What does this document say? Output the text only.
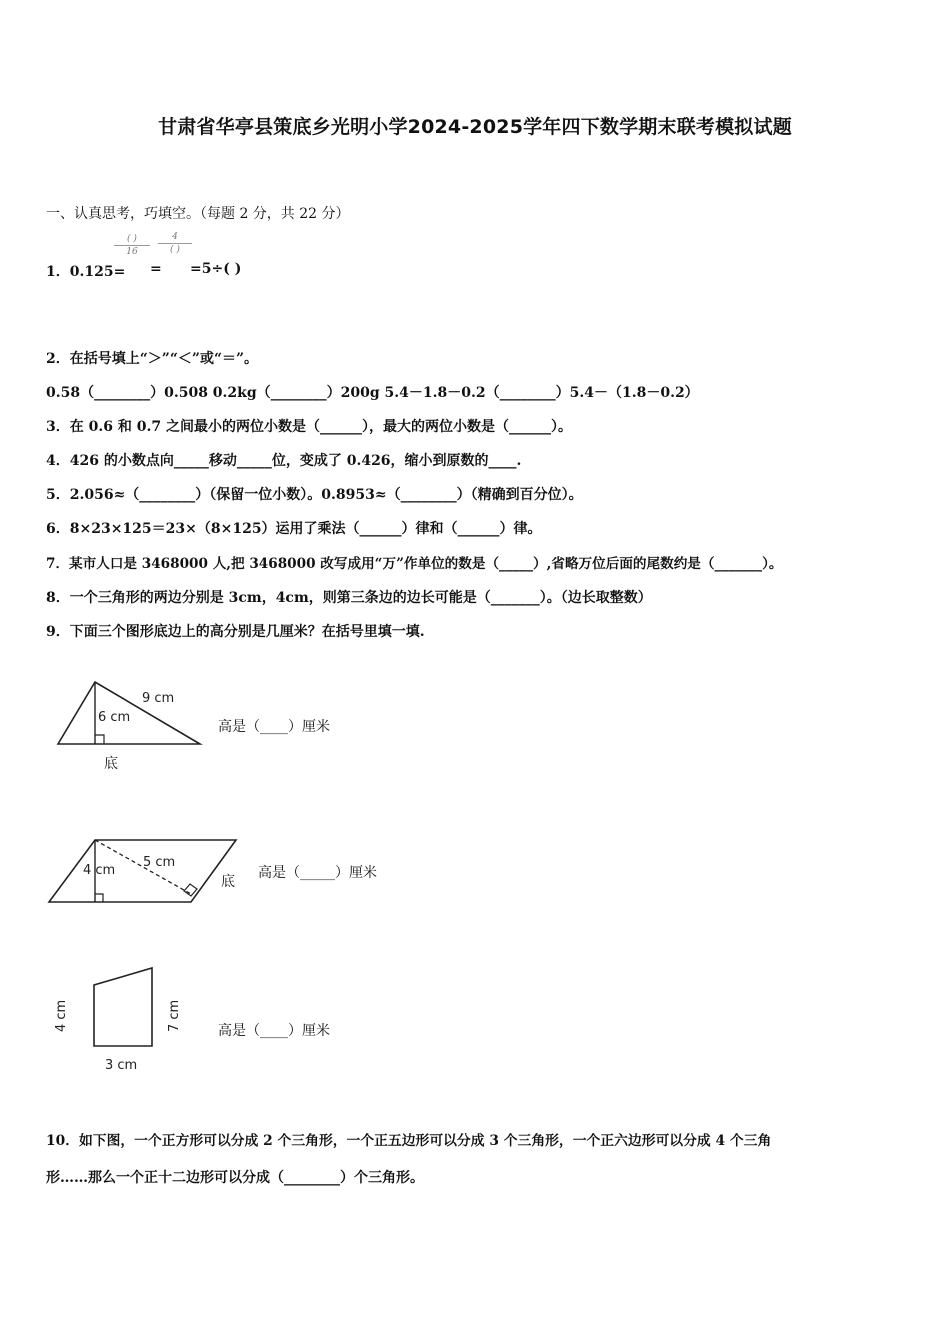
甘肃省华亭县策底乡光明小学2024-2025学年四下数学期末联考模拟试题
一、认真思考，巧填空。（每题 2 分，共 22 分）
1．0.125=
( )
16
=
4
( )
=5÷( )
2．在括号填上“＞”“＜”或“＝”。
0.58（________）0.508 0.2kg（________）200g 5.4－1.8－0.2（________）5.4－（1.8－0.2）
3．在 0.6 和 0.7 之间最小的两位小数是（______），最大的两位小数是（______）。
4．426 的小数点向_____移动_____位，变成了 0.426，缩小到原数的____.
5．2.056≈（________）（保留一位小数）。0.8953≈（________）（精确到百分位）。
6．8×23×125＝23×（8×125）运用了乘法（______）律和（______）律。
7．某市人口是 3468000 人,把 3468000 改写成用“万”作单位的数是（_____）,省略万位后面的尾数约是（_______）。
8．一个三角形的两边分别是 3cm，4cm，则第三条边的边长可能是（_______）。（边长取整数）
9．下面三个图形底边上的高分别是几厘米？在括号里填一填.
9 cm
6 cm
底
高是（____）厘米
5 cm
4 cm
底
高是（_____）厘米
4 cm	7 cm
3 cm
高是（____）厘米
10．如下图，一个正方形可以分成 2 个三角形，一个正五边形可以分成 3 个三角形，一个正六边形可以分成 4 个三角
形……那么一个正十二边形可以分成（________）个三角形。
